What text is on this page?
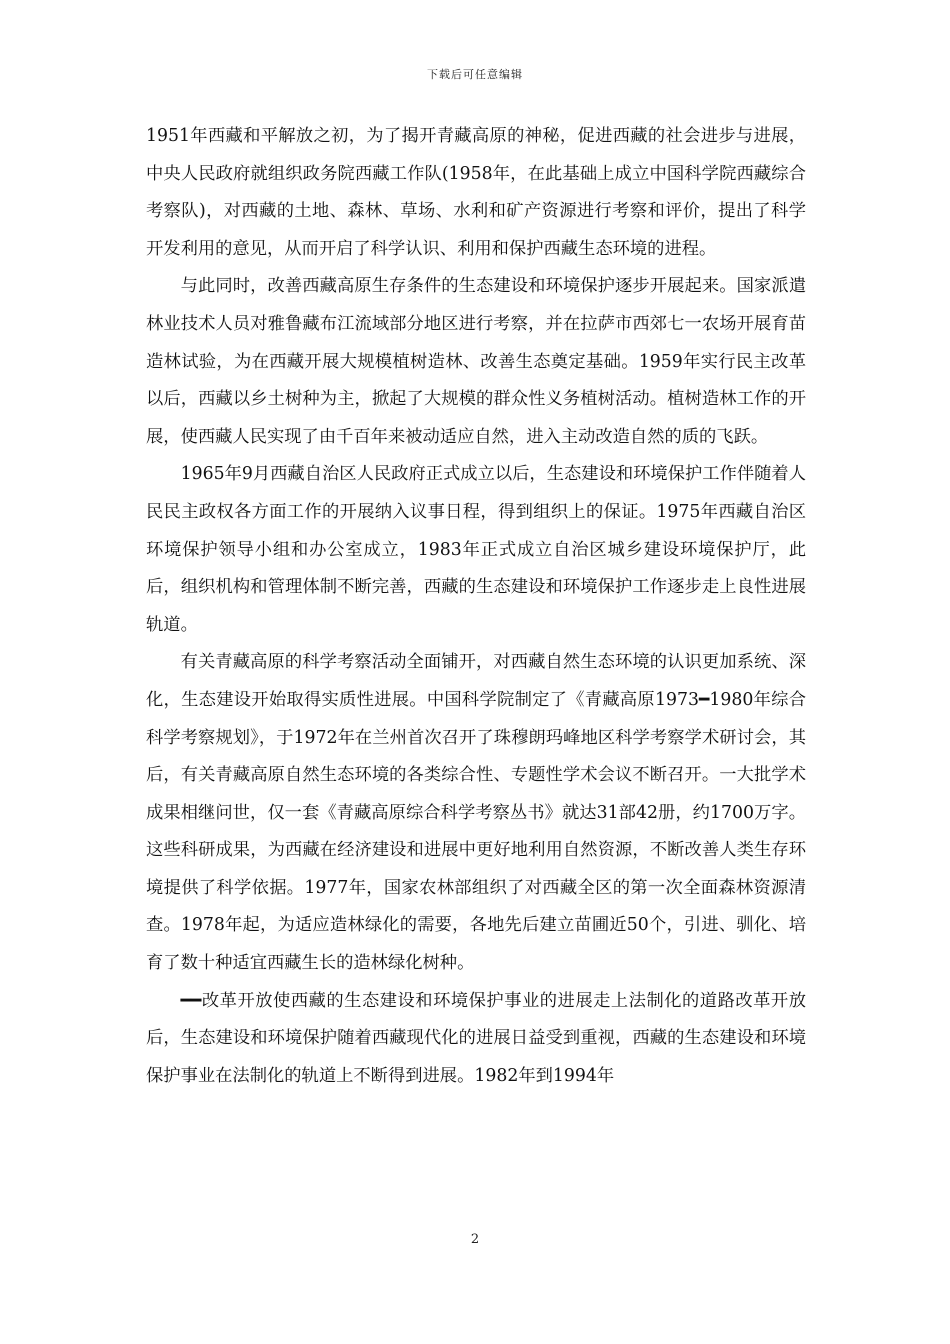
下载后可任意编辑

1951年西藏和平解放之初，为了揭开青藏高原的神秘，促进西藏的社会进步与进展，中央人民政府就组织政务院西藏工作队(1958年，在此基础上成立中国科学院西藏综合考察队)，对西藏的土地、森林、草场、水利和矿产资源进行考察和评价，提出了科学开发利用的意见，从而开启了科学认识、利用和保护西藏生态环境的进程。

与此同时，改善西藏高原生存条件的生态建设和环境保护逐步开展起来。国家派遣林业技术人员对雅鲁藏布江流域部分地区进行考察，并在拉萨市西郊七一农场开展育苗造林试验，为在西藏开展大规模植树造林、改善生态奠定基础。1959年实行民主改革以后，西藏以乡土树种为主，掀起了大规模的群众性义务植树活动。植树造林工作的开展，使西藏人民实现了由千百年来被动适应自然，进入主动改造自然的质的飞跃。

1965年9月西藏自治区人民政府正式成立以后，生态建设和环境保护工作伴随着人民民主政权各方面工作的开展纳入议事日程，得到组织上的保证。1975年西藏自治区环境保护领导小组和办公室成立，1983年正式成立自治区城乡建设环境保护厅，此后，组织机构和管理体制不断完善，西藏的生态建设和环境保护工作逐步走上良性进展轨道。

有关青藏高原的科学考察活动全面铺开，对西藏自然生态环境的认识更加系统、深化，生态建设开始取得实质性进展。中国科学院制定了《青藏高原1973━1980年综合科学考察规划》，于1972年在兰州首次召开了珠穆朗玛峰地区科学考察学术研讨会，其后，有关青藏高原自然生态环境的各类综合性、专题性学术会议不断召开。一大批学术成果相继问世，仅一套《青藏高原综合科学考察丛书》就达31部42册，约1700万字。这些科研成果，为西藏在经济建设和进展中更好地利用自然资源，不断改善人类生存环境提供了科学依据。1977年，国家农林部组织了对西藏全区的第一次全面森林资源清查。1978年起，为适应造林绿化的需要，各地先后建立苗圃近50个，引进、驯化、培育了数十种适宜西藏生长的造林绿化树种。

━━改革开放使西藏的生态建设和环境保护事业的进展走上法制化的道路改革开放后，生态建设和环境保护随着西藏现代化的进展日益受到重视，西藏的生态建设和环境保护事业在法制化的轨道上不断得到进展。1982年到1994年

2
